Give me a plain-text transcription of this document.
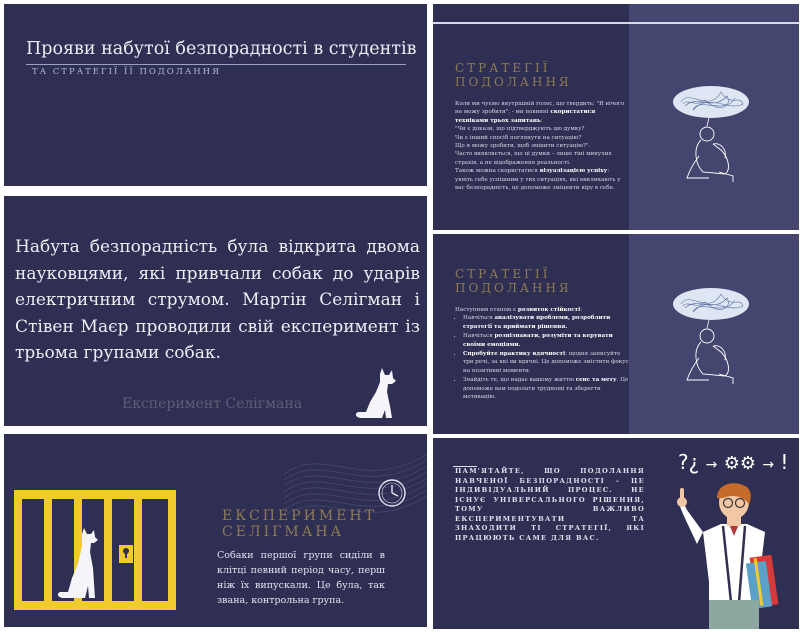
Прояви набутої безпорадності в студентів
ТА СТРАТЕГІЇ ЇЇ ПОДОЛАННЯ
Набута безпорадність була відкрита двома науковцями, які привчали собак до ударів електричним струмом. Мартін Селігман і Стівен Маєр проводили свій експеримент із трьома групами собак.
Експеримент Селігмана
ЕКСПЕРИМЕНТ
СЕЛІГМАНА
Собаки першої групи сиділи в клітці певний період часу, перш ніж їх випускали. Це була, так звана, контрольна група.
СТРАТЕГІЇ
ПОДОЛАННЯ
Коли ми чуємо внутрішній голос, що твердить: "Я нічого не можу зробити", - ми повинні скористатися техніками трьох запитань:
"Чи є докази, що підтверджують цю думку?
Чи є інший спосіб поглянути на ситуацію?
Що я можу зробити, щоб змінити ситуацію?".
Часто виявляється, що ці думки – лише тіні минулих страхів, а не відображення реальності.
Також можна скористатися візуалізацією успіху: уявіть себе успішним у тих ситуаціях, які викликають у вас безпорадність, це допоможе зміцнити віру в себе.
СТРАТЕГІЇ
ПОДОЛАННЯ
Наступним етапом є розвиток стійкості:
• Навчіться аналізувати проблеми, розроблити стратегії та приймати рішення.
• Навчіться розпізнавати, розуміти та керувати своїми емоціями.
• Спробуйте практику вдячності: щодня записуйте три речі, за які ви вдячні. Це допоможе змістити фокус на позитивні моменти.
• Знайдіть те, що надає вашому життю сенс та мету. Це допоможе вам подолати труднощі та зберегти мотивацію.
ПАМ'ЯТАЙТЕ, ЩО ПОДОЛАННЯ НАВЧЕНОЇ БЕЗПОРАДНОСТІ – ЦЕ ІНДИВІДУАЛЬНИЙ ПРОЦЕС. НЕ ІСНУЄ УНІВЕРСАЛЬНОГО РІШЕННЯ, ТОМУ ВАЖЛИВО ЕКСПЕРИМЕНТУВАТИ ТА ЗНАХОДИТИ ТІ СТРАТЕГІЇ, ЯКІ ПРАЦЮЮТЬ САМЕ ДЛЯ ВАС.
?¿ → ⚙⚙ → !
